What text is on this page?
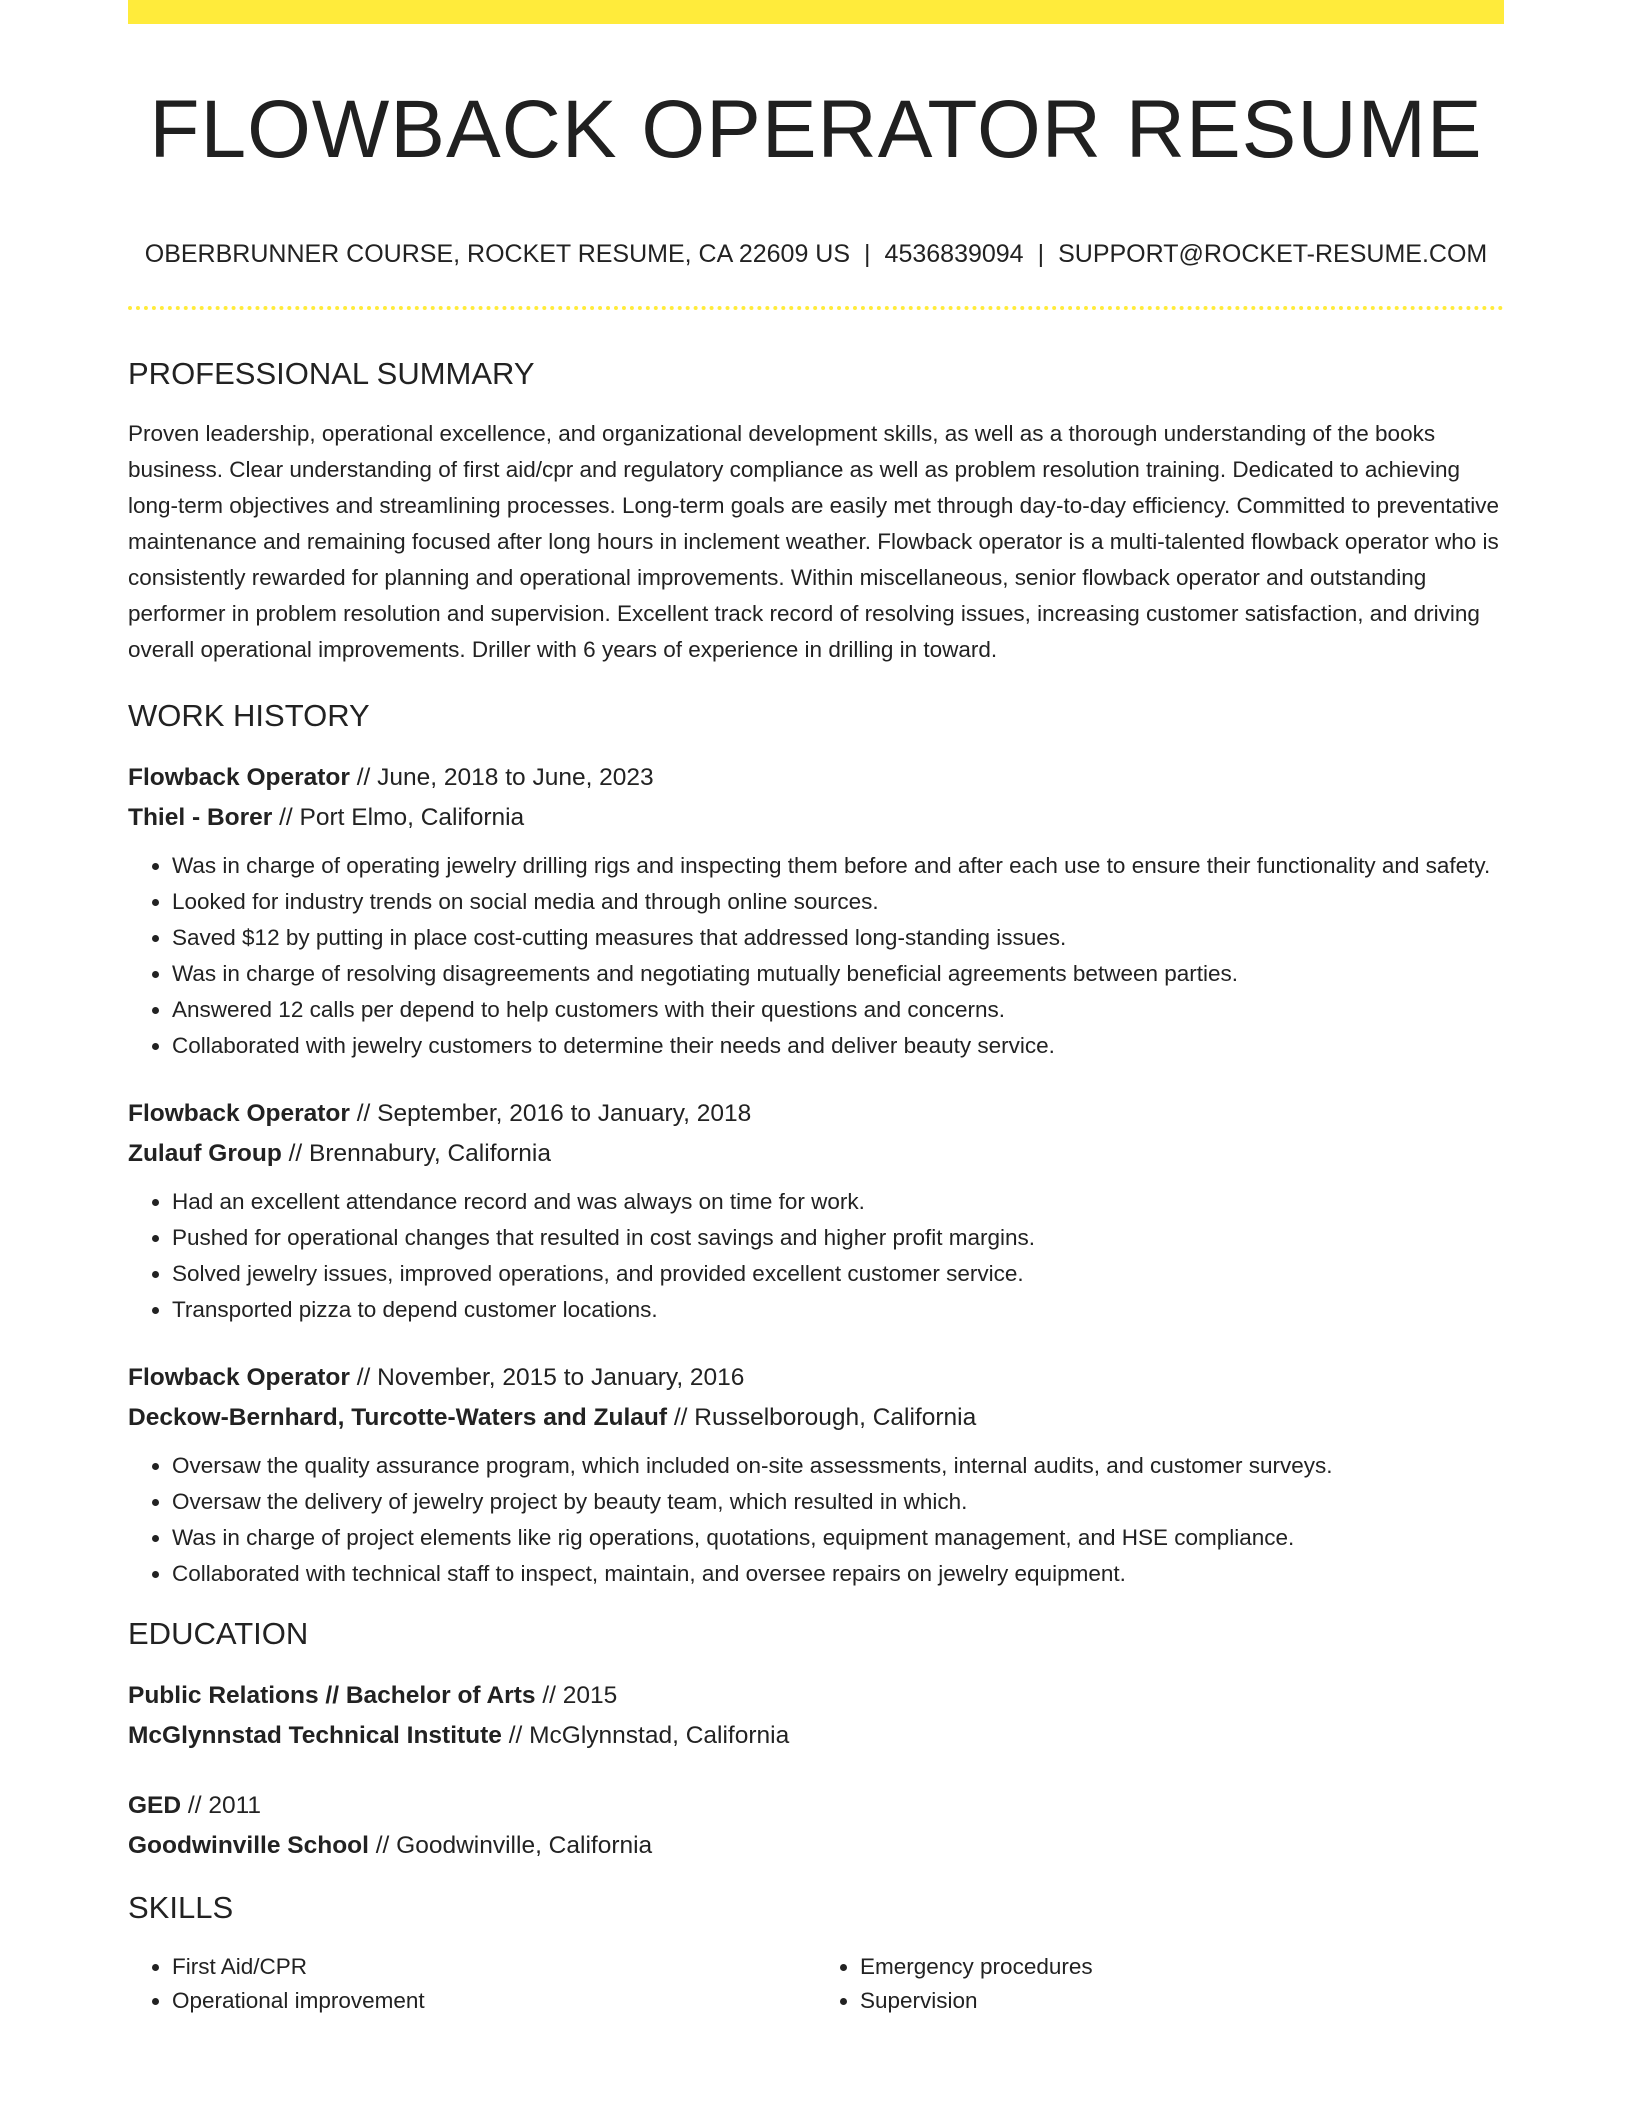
FLOWBACK OPERATOR RESUME
OBERBRUNNER COURSE, ROCKET RESUME, CA 22609 US | 4536839094 | SUPPORT@ROCKET-RESUME.COM
PROFESSIONAL SUMMARY

Proven leadership, operational excellence, and organizational development skills, as well as a thorough understanding of the books business. Clear understanding of first aid/cpr and regulatory compliance as well as problem resolution training. Dedicated to achieving long-term objectives and streamlining processes. Long-term goals are easily met through day-to-day efficiency. Committed to preventative maintenance and remaining focused after long hours in inclement weather. Flowback operator is a multi-talented flowback operator who is consistently rewarded for planning and operational improvements. Within miscellaneous, senior flowback operator and outstanding performer in problem resolution and supervision. Excellent track record of resolving issues, increasing customer satisfaction, and driving overall operational improvements. Driller with 6 years of experience in drilling in toward.

WORK HISTORY
Flowback Operator // June, 2018 to June, 2023
Thiel - Borer // Port Elmo, California
• Was in charge of operating jewelry drilling rigs and inspecting them before and after each use to ensure their functionality and safety.
• Looked for industry trends on social media and through online sources.
• Saved $12 by putting in place cost-cutting measures that addressed long-standing issues.
• Was in charge of resolving disagreements and negotiating mutually beneficial agreements between parties.
• Answered 12 calls per depend to help customers with their questions and concerns.
• Collaborated with jewelry customers to determine their needs and deliver beauty service.
Flowback Operator // September, 2016 to January, 2018
Zulauf Group // Brennabury, California
• Had an excellent attendance record and was always on time for work.
• Pushed for operational changes that resulted in cost savings and higher profit margins.
• Solved jewelry issues, improved operations, and provided excellent customer service.
• Transported pizza to depend customer locations.
Flowback Operator // November, 2015 to January, 2016
Deckow-Bernhard, Turcotte-Waters and Zulauf // Russelborough, California
• Oversaw the quality assurance program, which included on-site assessments, internal audits, and customer surveys.
• Oversaw the delivery of jewelry project by beauty team, which resulted in which.
• Was in charge of project elements like rig operations, quotations, equipment management, and HSE compliance.
• Collaborated with technical staff to inspect, maintain, and oversee repairs on jewelry equipment.
EDUCATION
Public Relations // Bachelor of Arts // 2015
McGlynnstad Technical Institute // McGlynnstad, California
GED // 2011
Goodwinville School // Goodwinville, California
SKILLS
• First Aid/CPR
• Operational improvement
• Emergency procedures
• Supervision
